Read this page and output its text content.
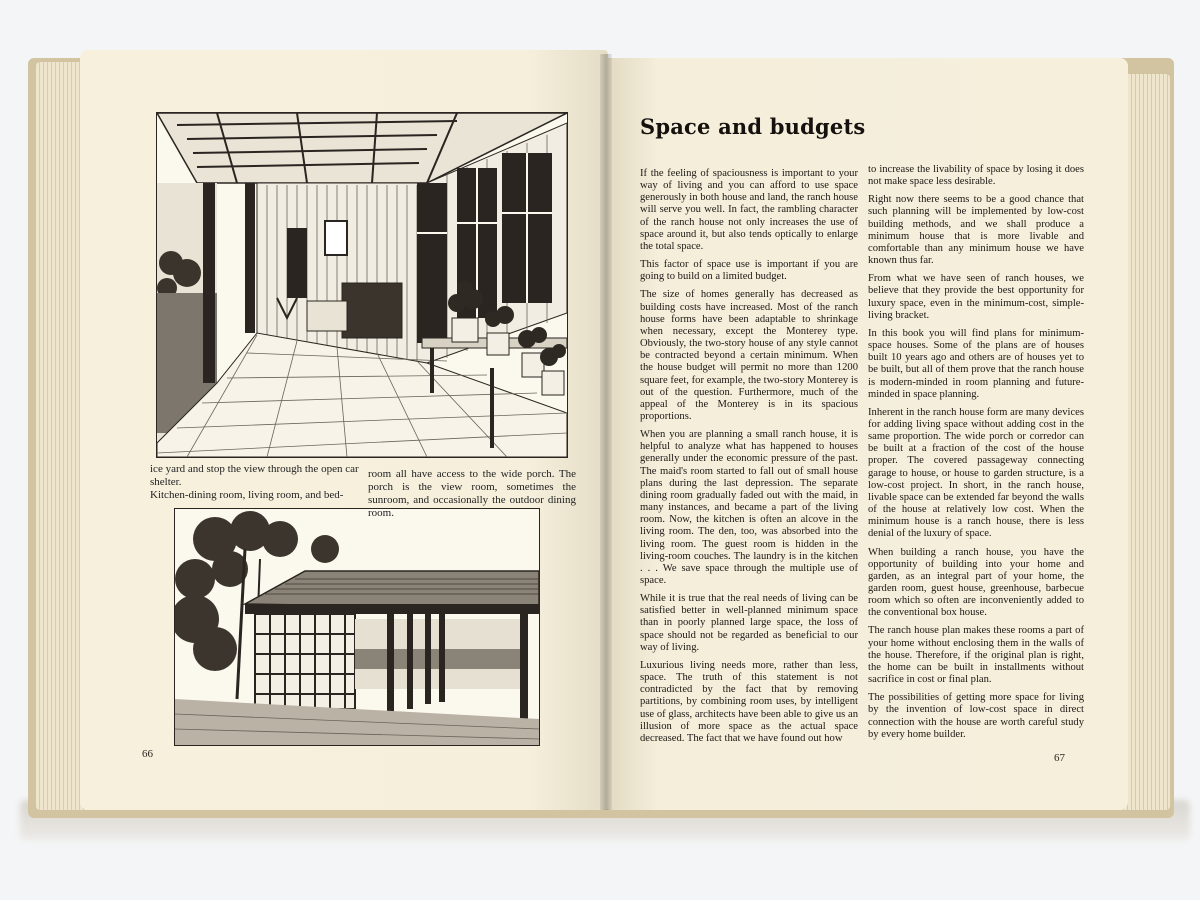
ice yard and stop the view through the open car shelter.
Kitchen-dining room, living room, and bed-
room all have access to the wide porch. The porch is the view room, sometimes the sunroom, and occasionally the outdoor dining room.
66
Space and budgets

If the feeling of spaciousness is important to your way of living and you can afford to use space generously in both house and land, the ranch house will serve you well. In fact, the rambling character of the ranch house not only increases the use of space around it, but also tends optically to enlarge the total space.

This factor of space use is important if you are going to build on a limited budget.

The size of homes generally has decreased as building costs have increased. Most of the ranch house forms have been adaptable to shrinkage when necessary, except the Monterey type. Obviously, the two-story house of any style cannot be contracted beyond a certain minimum. When the house budget will permit no more than 1200 square feet, for example, the two-story Monterey is out of the question. Furthermore, much of the appeal of the Monterey is in its spacious proportions.

When you are planning a small ranch house, it is helpful to analyze what has happened to houses generally under the economic pressure of the past. The maid's room started to fall out of small house plans during the last depression. The separate dining room gradually faded out with the maid, in many instances, and became a part of the living room. Now, the kitchen is often an alcove in the living room. The den, too, was absorbed into the living room. The guest room is hidden in the living-room couches. The laundry is in the kitchen . . . We save space through the multiple use of space.

While it is true that the real needs of living can be satisfied better in well-planned minimum space than in poorly planned large space, the loss of space should not be regarded as beneficial to our way of living.

Luxurious living needs more, rather than less, space. The truth of this statement is not contradicted by the fact that by removing partitions, by combining room uses, by intelligent use of glass, architects have been able to give us an illusion of more space as the actual space decreased. The fact that we have found out how

to increase the livability of space by losing it does not make space less desirable.

Right now there seems to be a good chance that such planning will be implemented by low-cost building methods, and we shall produce a minimum house that is more livable and comfortable than any minimum house we have known thus far.

From what we have seen of ranch houses, we believe that they provide the best opportunity for luxury space, even in the minimum-cost, simple-living bracket.

In this book you will find plans for minimum-space houses. Some of the plans are of houses built 10 years ago and others are of houses yet to be built, but all of them prove that the ranch house is modern-minded in room planning and future-minded in space planning.

Inherent in the ranch house form are many devices for adding living space without adding cost in the same proportion. The wide porch or corredor can be built at a fraction of the cost of the house proper. The covered passageway connecting garage to house, or house to garden structure, is a low-cost project. In short, in the ranch house, livable space can be extended far beyond the walls of the house at relatively low cost. When the minimum house is a ranch house, there is less denial of the luxury of space.

When building a ranch house, you have the opportunity of building into your home and garden, as an integral part of your home, the garden room, guest house, greenhouse, barbecue room which so often are inconveniently added to the conventional box house.

The ranch house plan makes these rooms a part of your home without enclosing them in the walls of the house. Therefore, if the original plan is right, the home can be built in installments without sacrifice in cost or final plan.

The possibilities of getting more space for living by the invention of low-cost space in direct connection with the house are worth careful study by every home builder.

67
